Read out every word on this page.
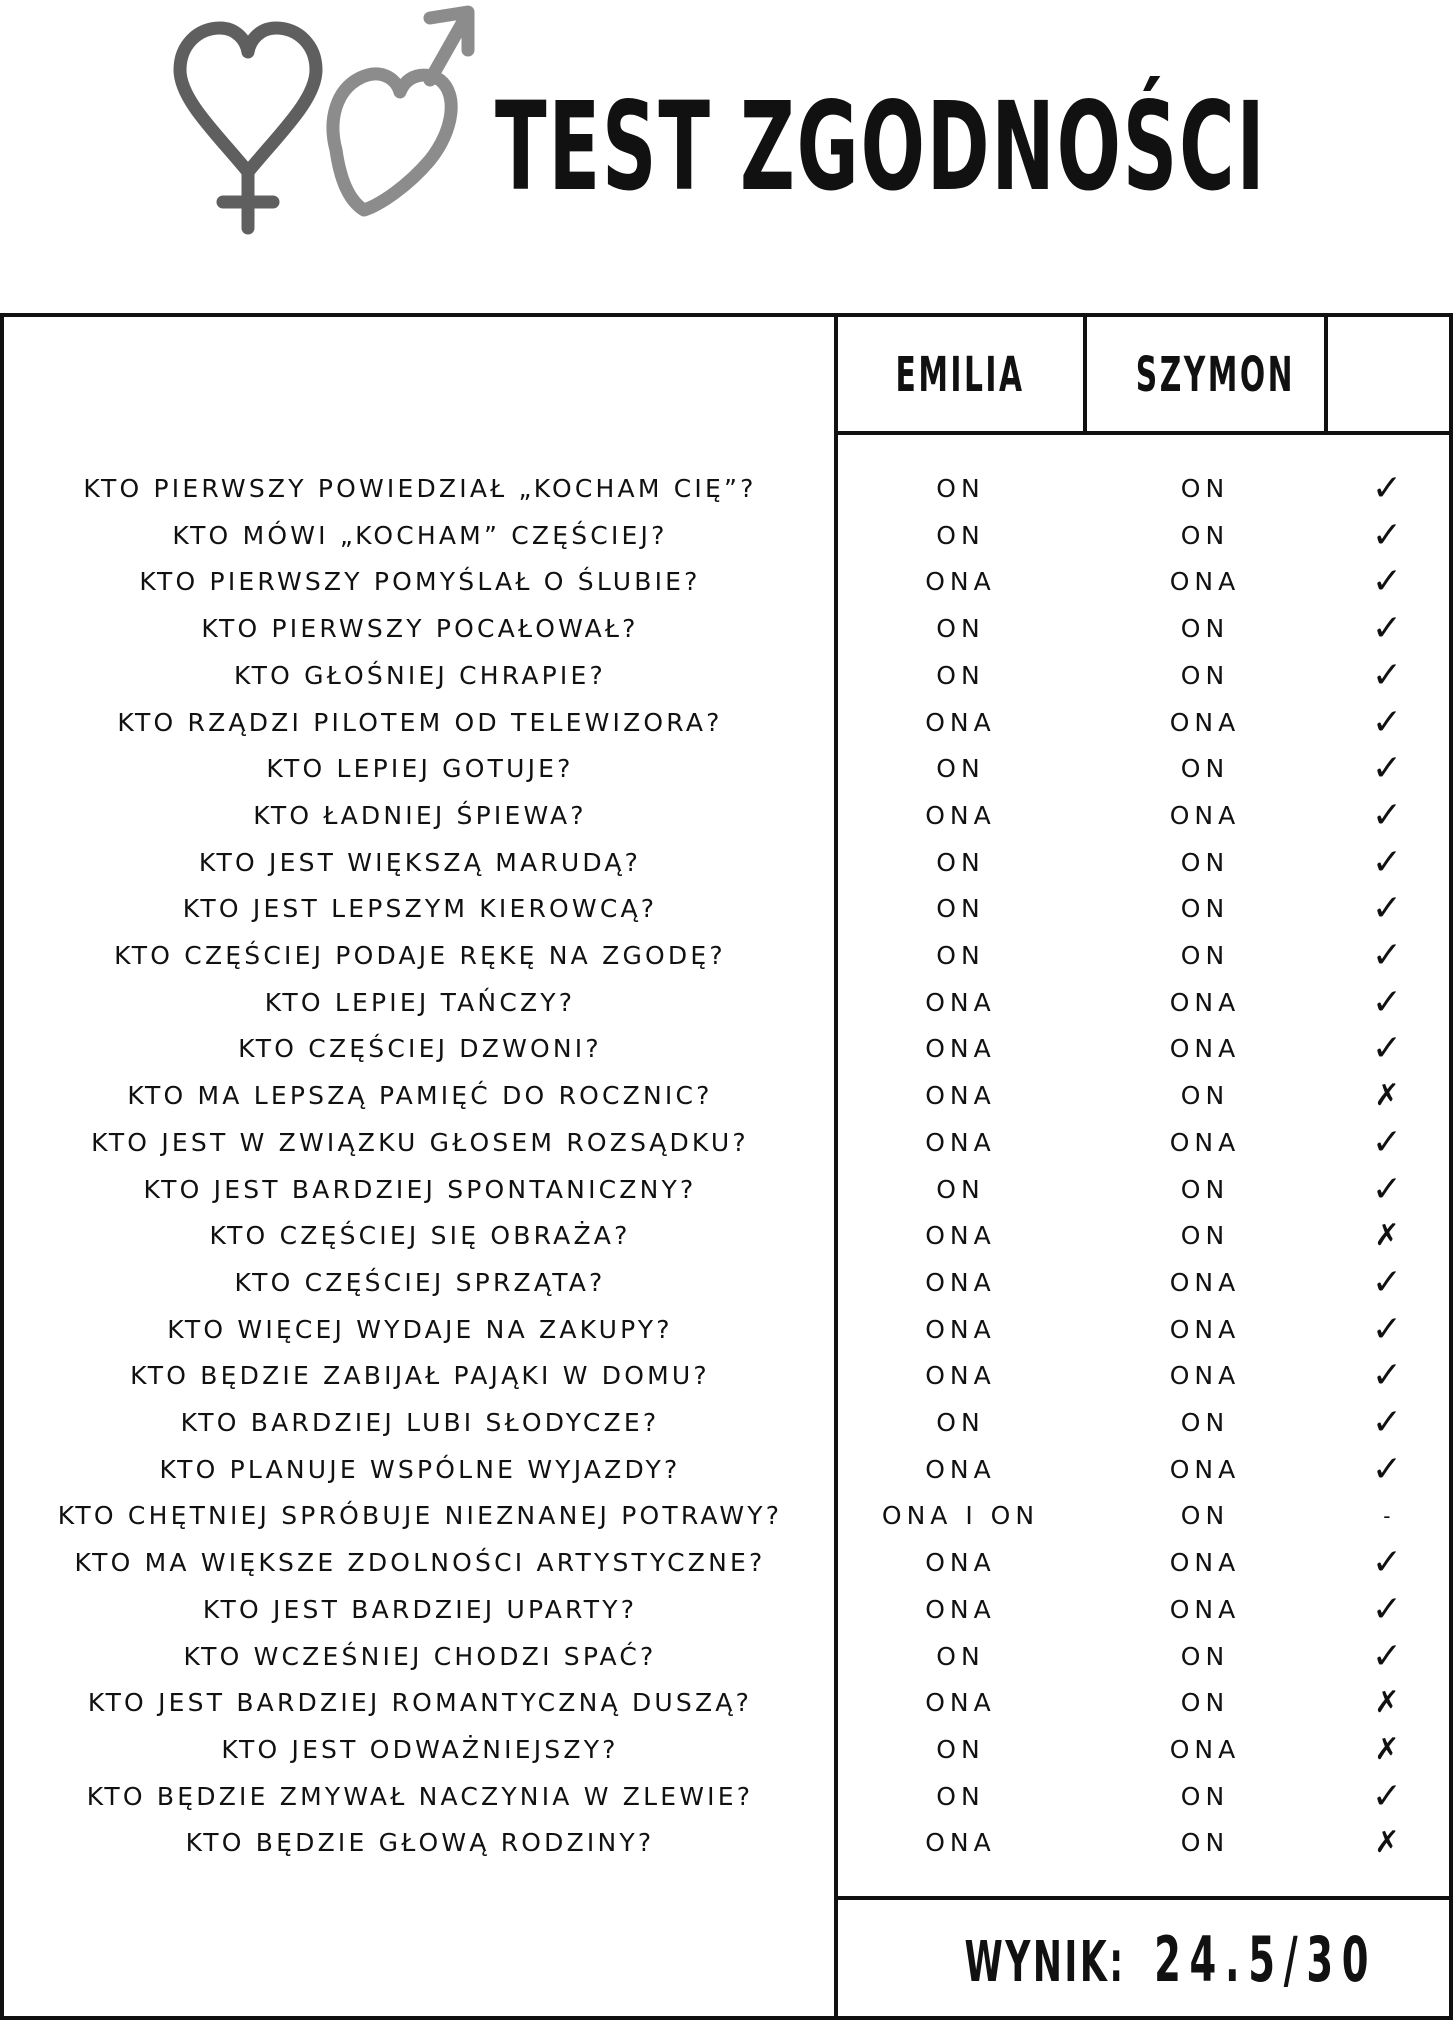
TEST ZGODNOŚCI
EMILIA	SZYMON
KTO PIERWSZY POWIEDZIAŁ „KOCHAM CIĘ”?	ON	ON	✓
KTO MÓWI „KOCHAM” CZĘŚCIEJ?	ON	ON	✓
KTO PIERWSZY POMYŚLAŁ O ŚLUBIE?	ONA	ONA	✓
KTO PIERWSZY POCAŁOWAŁ?	ON	ON	✓
KTO GŁOŚNIEJ CHRAPIE?	ON	ON	✓
KTO RZĄDZI PILOTEM OD TELEWIZORA?	ONA	ONA	✓
KTO LEPIEJ GOTUJE?	ON	ON	✓
KTO ŁADNIEJ ŚPIEWA?	ONA	ONA	✓
KTO JEST WIĘKSZĄ MARUDĄ?	ON	ON	✓
KTO JEST LEPSZYM KIEROWCĄ?	ON	ON	✓
KTO CZĘŚCIEJ PODAJE RĘKĘ NA ZGODĘ?	ON	ON	✓
KTO LEPIEJ TAŃCZY?	ONA	ONA	✓
KTO CZĘŚCIEJ DZWONI?	ONA	ONA	✓
KTO MA LEPSZĄ PAMIĘĆ DO ROCZNIC?	ONA	ON	✗
KTO JEST W ZWIĄZKU GŁOSEM ROZSĄDKU?	ONA	ONA	✓
KTO JEST BARDZIEJ SPONTANICZNY?	ON	ON	✓
KTO CZĘŚCIEJ SIĘ OBRAŻA?	ONA	ON	✗
KTO CZĘŚCIEJ SPRZĄTA?	ONA	ONA	✓
KTO WIĘCEJ WYDAJE NA ZAKUPY?	ONA	ONA	✓
KTO BĘDZIE ZABIJAŁ PAJĄKI W DOMU?	ONA	ONA	✓
KTO BARDZIEJ LUBI SŁODYCZE?	ON	ON	✓
KTO PLANUJE WSPÓLNE WYJAZDY?	ONA	ONA	✓
KTO CHĘTNIEJ SPRÓBUJE NIEZNANEJ POTRAWY?	ONA I ON	ON	-
KTO MA WIĘKSZE ZDOLNOŚCI ARTYSTYCZNE?	ONA	ONA	✓
KTO JEST BARDZIEJ UPARTY?	ONA	ONA	✓
KTO WCZEŚNIEJ CHODZI SPAĆ?	ON	ON	✓
KTO JEST BARDZIEJ ROMANTYCZNĄ DUSZĄ?	ONA	ON	✗
KTO JEST ODWAŻNIEJSZY?	ON	ONA	✗
KTO BĘDZIE ZMYWAŁ NACZYNIA W ZLEWIE?	ON	ON	✓
KTO BĘDZIE GŁOWĄ RODZINY?	ONA	ON	✗
WYNIK: 24.5/30
